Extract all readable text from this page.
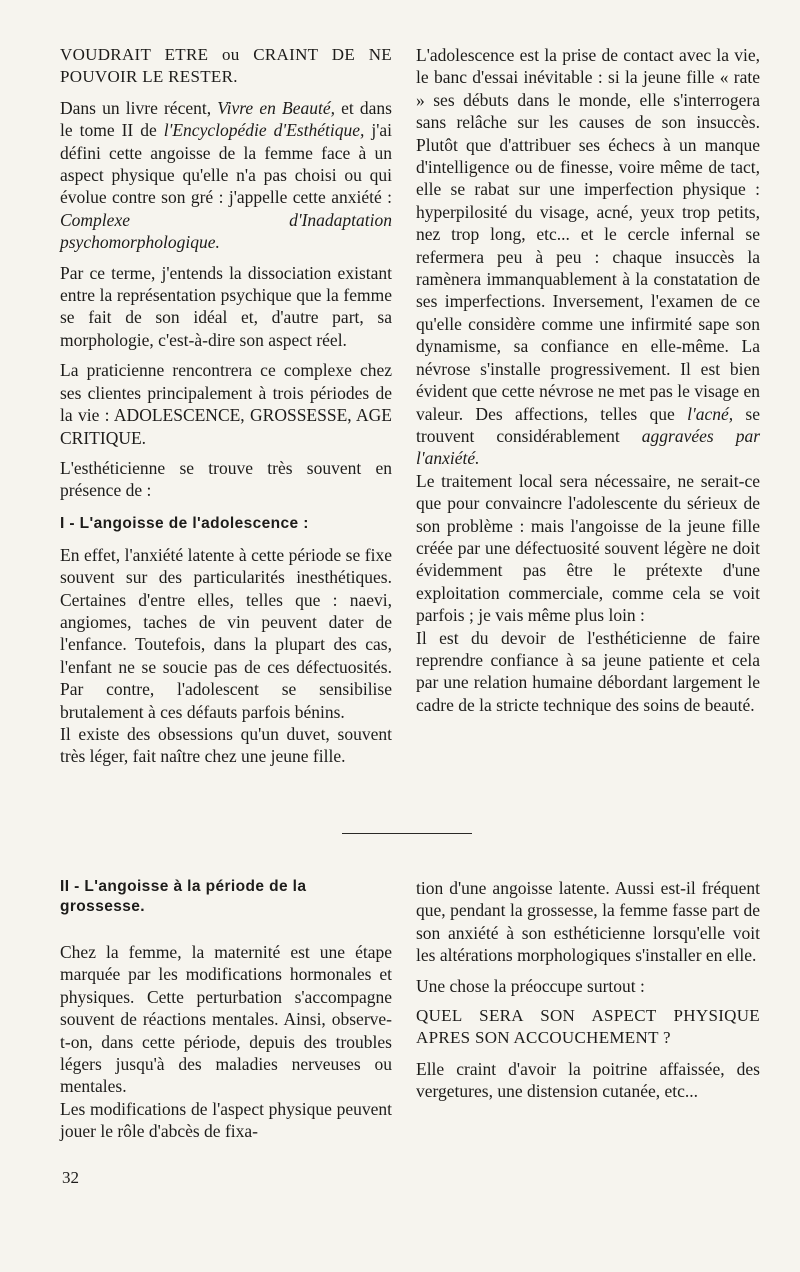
VOUDRAIT ETRE ou CRAINT DE NE POUVOIR LE RESTER.

Dans un livre récent, Vivre en Beauté, et dans le tome II de l'Encyclopédie d'Esthétique, j'ai défini cette angoisse de la femme face à un aspect physique qu'elle n'a pas choisi ou qui évolue contre son gré : j'appelle cette anxiété : Complexe d'Inadaptation psychomorphologique.

Par ce terme, j'entends la dissociation existant entre la représentation psychique que la femme se fait de son idéal et, d'autre part, sa morphologie, c'est-à-dire son aspect réel.

La praticienne rencontrera ce complexe chez ses clientes principalement à trois périodes de la vie : ADOLESCENCE, GROSSESSE, AGE CRITIQUE.

L'esthéticienne se trouve très souvent en présence de :

I - L'angoisse de l'adolescence :

En effet, l'anxiété latente à cette période se fixe souvent sur des particularités inesthétiques. Certaines d'entre elles, telles que : naevi, angiomes, taches de vin peuvent dater de l'enfance. Toutefois, dans la plupart des cas, l'enfant ne se soucie pas de ces défectuosités. Par contre, l'adolescent se sensibilise brutalement à ces défauts parfois bénins.

Il existe des obsessions qu'un duvet, souvent très léger, fait naître chez une jeune fille.

L'adolescence est la prise de contact avec la vie, le banc d'essai inévitable : si la jeune fille « rate » ses débuts dans le monde, elle s'interrogera sans relâche sur les causes de son insuccès. Plutôt que d'attribuer ses échecs à un manque d'intelligence ou de finesse, voire même de tact, elle se rabat sur une imperfection physique : hyperpilosité du visage, acné, yeux trop petits, nez trop long, etc... et le cercle infernal se refermera peu à peu : chaque insuccès la ramènera immanquablement à la constatation de ses imperfections. Inversement, l'examen de ce qu'elle considère comme une infirmité sape son dynamisme, sa confiance en elle-même. La névrose s'installe progressivement. Il est bien évident que cette névrose ne met pas le visage en valeur. Des affections, telles que l'acné, se trouvent considérablement aggravées par l'anxiété.

Le traitement local sera nécessaire, ne serait-ce que pour convaincre l'adolescente du sérieux de son problème : mais l'angoisse de la jeune fille créée par une défectuosité souvent légère ne doit évidemment pas être le prétexte d'une exploitation commerciale, comme cela se voit parfois ; je vais même plus loin :

Il est du devoir de l'esthéticienne de faire reprendre confiance à sa jeune patiente et cela par une relation humaine débordant largement le cadre de la stricte technique des soins de beauté.

II - L'angoisse à la période de la grossesse.

Chez la femme, la maternité est une étape marquée par les modifications hormonales et physiques. Cette perturbation s'accompagne souvent de réactions mentales. Ainsi, observe-t-on, dans cette période, depuis des troubles légers jusqu'à des maladies nerveuses ou mentales.

Les modifications de l'aspect physique peuvent jouer le rôle d'abcès de fixa-

tion d'une angoisse latente. Aussi est-il fréquent que, pendant la grossesse, la femme fasse part de son anxiété à son esthéticienne lorsqu'elle voit les altérations morphologiques s'installer en elle.

Une chose la préoccupe surtout :

QUEL SERA SON ASPECT PHYSIQUE APRES SON ACCOUCHEMENT ?

Elle craint d'avoir la poitrine affaissée, des vergetures, une distension cutanée, etc...

32
